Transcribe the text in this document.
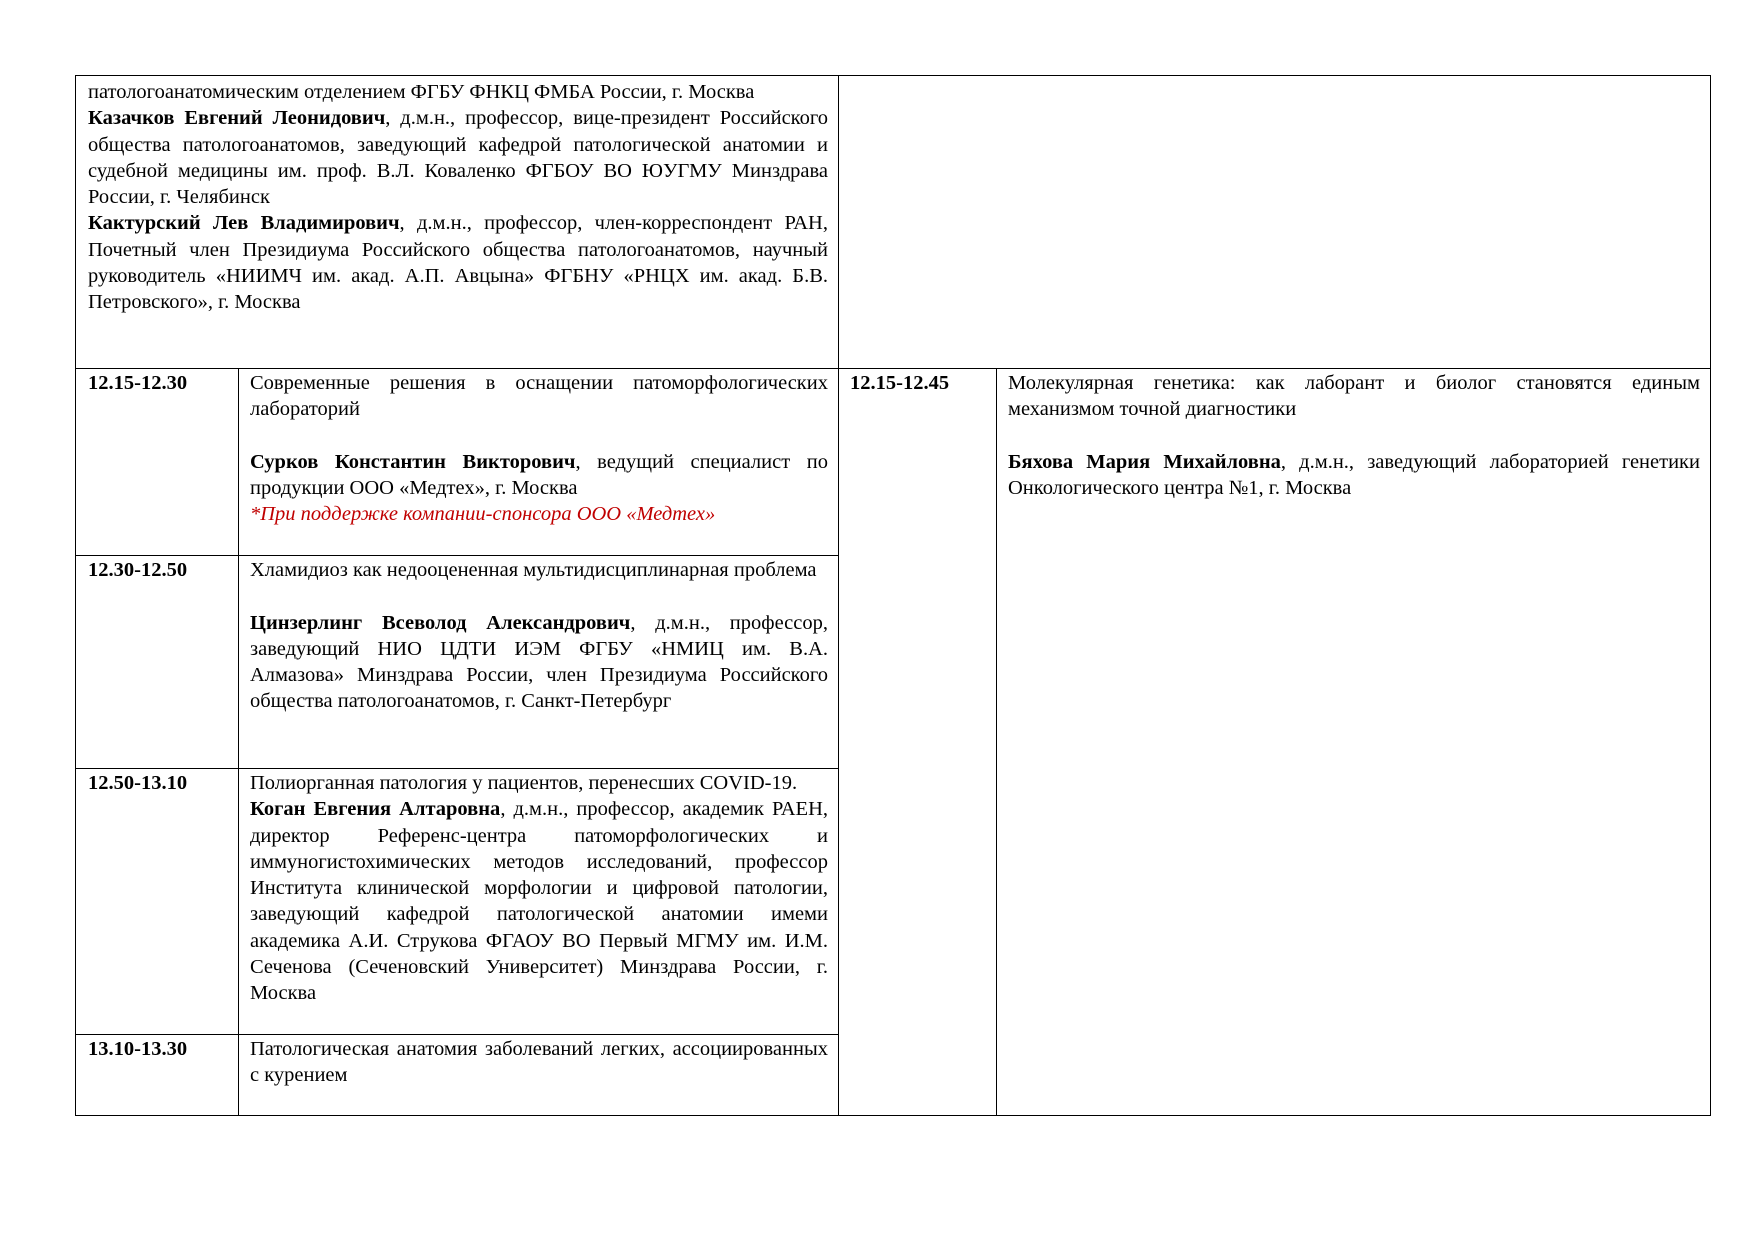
патологоанатомическим отделением ФГБУ ФНКЦ ФМБА России, г. Москва

Казачков Евгений Леонидович, д.м.н., профессор, вице-президент Российского общества патологоанатомов, заведующий кафедрой патологической анатомии и судебной медицины им. проф. В.Л. Коваленко ФГБОУ ВО ЮУГМУ Минздрава России, г. Челябинск

Кактурский Лев Владимирович, д.м.н., профессор, член-корреспондент РАН, Почетный член Президиума Российского общества патологоанатомов, научный руководитель «НИИМЧ им. акад. А.П. Авцына» ФГБНУ «РНЦХ им. акад. Б.В. Петровского», г. Москва

12.15-12.30	Современные решения в оснащении патоморфологических лабораторий

Сурков Константин Викторович, ведущий специалист по продукции ООО «Медтех», г. Москва

*При поддержке компании-спонсора ООО «Медтех»

12.30-12.50	Хламидиоз как недооцененная мультидисциплинарная проблема

Цинзерлинг Всеволод Александрович, д.м.н., профессор, заведующий НИО ЦДТИ ИЭМ ФГБУ «НМИЦ им. В.А. Алмазова» Минздрава России, член Президиума Российского общества патологоанатомов, г. Санкт-Петербург

12.50-13.10	Полиорганная патология у пациентов, перенесших COVID-19.

Коган Евгения Алтаровна, д.м.н., профессор, академик РАЕН, директор Референс-центра патоморфологических и иммуногистохимических методов исследований, профессор Института клинической морфологии и цифровой патологии, заведующий кафедрой патологической анатомии имеми академика А.И. Струкова ФГАОУ ВО Первый МГМУ им. И.М. Сеченова (Сеченовский Университет) Минздрава России, г. Москва

13.10-13.30	Патологическая анатомия заболеваний легких, ассоциированных с курением

12.15-12.45	Молекулярная генетика: как лаборант и биолог становятся единым механизмом точной диагностики

Бяхова Мария Михайловна, д.м.н., заведующий лабораторией генетики Онкологического центра №1, г. Москва
